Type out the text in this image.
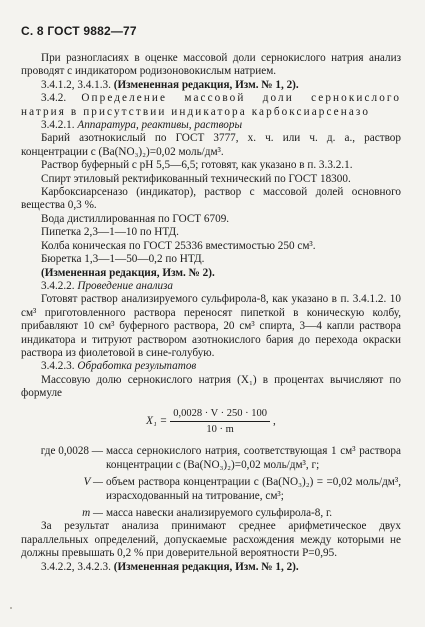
С. 8 ГОСТ 9882—77

При разногласиях в оценке массовой доли сернокислого натрия анализ проводят с индикатором родизоновокислым натрием.

3.4.1.2, 3.4.1.3. (Измененная редакция, Изм. № 1, 2).

3.4.2. Определение массовой доли сернокислого натрия в присутствии индикатора карбоксиарсеназо

3.4.2.1. Аппаратура, реактивы, растворы

Барий азотнокислый по ГОСТ 3777, х. ч. или ч. д. а., раствор концентрации с (Ba(NO₃)₂)=0,02 моль/дм³.

Раствор буферный с pH 5,5—6,5; готовят, как указано в п. 3.3.2.1.

Спирт этиловый ректификованный технический по ГОСТ 18300.

Карбоксиарсеназо (индикатор), раствор с массовой долей основного вещества 0,3 %.

Вода дистиллированная по ГОСТ 6709.

Пипетка 2,3—1—10 по НТД.

Колба коническая по ГОСТ 25336 вместимостью 250 см³.

Бюретка 1,3—1—50—0,2 по НТД.

(Измененная редакция, Изм. № 2).

3.4.2.2. Проведение анализа

Готовят раствор анализируемого сульфирола-8, как указано в п. 3.4.1.2. 10 см³ приготовленного раствора переносят пипеткой в коническую колбу, прибавляют 10 см³ буферного раствора, 20 см³ спирта, 3—4 капли раствора индикатора и титруют раствором азотнокислого бария до перехода окраски раствора из фиолетовой в сине-голубую.

3.4.2.3. Обработка результатов

Массовую долю сернокислого натрия (X₁) в процентах вычисляют по формуле

$X_1 = \frac{0,0028 \cdot V \cdot 250 \cdot 100}{10 \cdot m}$ ,
где 0,0028 — масса сернокислого натрия, соответствующая 1 см³ раствора концентрации c (Ba(NO₃)₂)=0,02 моль/дм³, г;
V — объем раствора концентрации c (Ba(NO₃)₂) = =0,02 моль/дм³, израсходованный на титрование, см³;
m — масса навески анализируемого сульфирола-8, г.

За результат анализа принимают среднее арифметическое двух параллельных определений, допускаемые расхождения между которыми не должны превышать 0,2 % при доверительной вероятности P=0,95.

3.4.2.2, 3.4.2.3. (Измененная редакция, Изм. № 1, 2).
